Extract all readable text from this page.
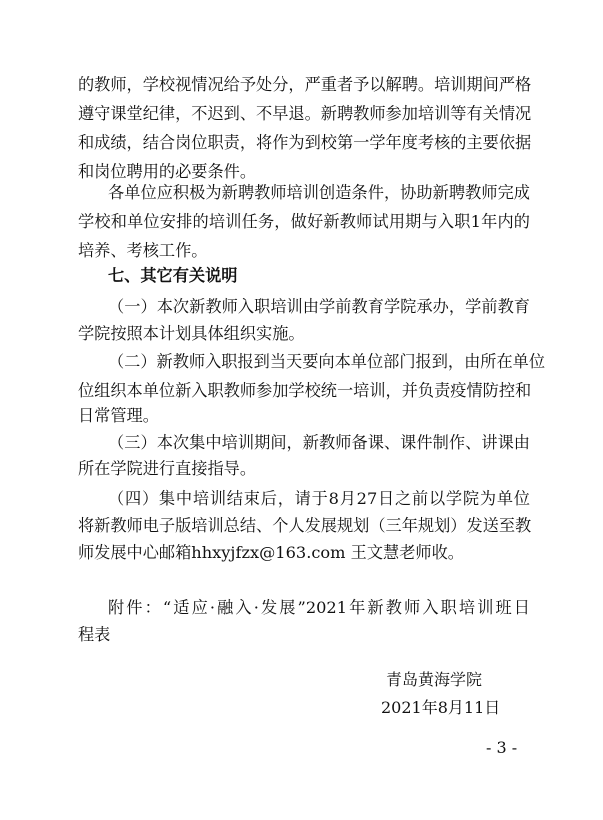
的教师，学校视情况给予处分，严重者予以解聘。培训期间严格
遵守课堂纪律，不迟到、不早退。新聘教师参加培训等有关情况
和成绩，结合岗位职责，将作为到校第一学年度考核的主要依据
和岗位聘用的必要条件。
各单位应积极为新聘教师培训创造条件，协助新聘教师完成
学校和单位安排的培训任务，做好新教师试用期与入职1年内的
培养、考核工作。
七、其它有关说明
（一）本次新教师入职培训由学前教育学院承办，学前教育
学院按照本计划具体组织实施。
（二）新教师入职报到当天要向本单位部门报到，由所在单位
位组织本单位新入职教师参加学校统一培训，并负责疫情防控和
日常管理。
（三）本次集中培训期间，新教师备课、课件制作、讲课由
所在学院进行直接指导。
（四）集中培训结束后，请于8月27日之前以学院为单位
将新教师电子版培训总结、个人发展规划（三年规划）发送至教
师发展中心邮箱hhxyjfzx@163.com 王文慧老师收。
附件：“适应·融入·发展”2021年新教师入职培训班日
程表
青岛黄海学院
2021年8月11日
- 3 -
